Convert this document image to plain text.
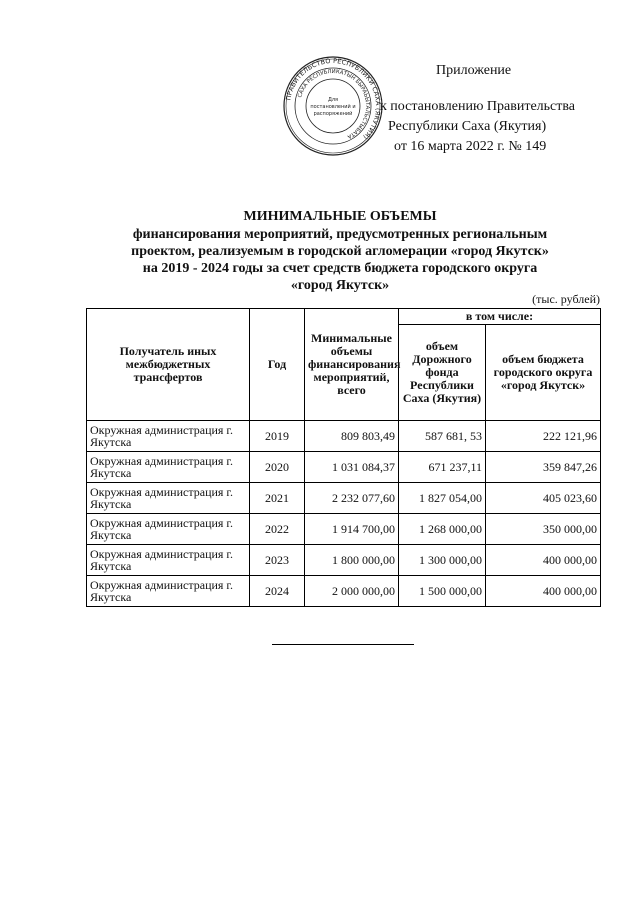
ПРАВИТЕЛЬСТВО РЕСПУБЛИКИ САХА (ЯКУТИЯ)
САХА РЕСПУБЛИКАТЫН БЫРАЬЫТАЛЬСТЫБАТА
Для
постановлений и
распоряжений
Приложение
к постановлению Правительства
Республики Саха (Якутия)
от 16 марта 2022 г. № 149
МИНИМАЛЬНЫЕ ОБЪЕМЫ
финансирования мероприятий, предусмотренных региональным
проектом, реализуемым в городской агломерации «город Якутск»
на 2019 - 2024 годы за счет средств бюджета городского округа
«город Якутск»
(тыс. рублей)
Получатель иных межбюджетных трансфертов	Год	Минимальные объемы финансирования мероприятий, всего	в том числе:	
			объем Дорожного фонда Республики Саха (Якутия)	объем бюджета городского округа «город Якутск»
Окружная администрация г. Якутска	2019	809 803,49	587 681, 53	222 121,96
Окружная администрация г. Якутска	2020	1 031 084,37	671 237,11	359 847,26
Окружная администрация г. Якутска	2021	2 232 077,60	1 827 054,00	405 023,60
Окружная администрация г. Якутска	2022	1 914 700,00	1 268 000,00	350 000,00
Окружная администрация г. Якутска	2023	1 800 000,00	1 300 000,00	400 000,00
Окружная администрация г. Якутска	2024	2 000 000,00	1 500 000,00	400 000,00
